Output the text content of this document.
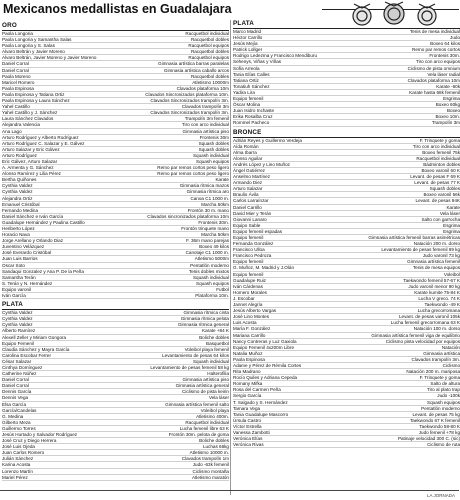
Mexicanos medallistas en Guadalajara
ORO
Paola Longoria	Racquetbol individual
Paola Longoria y Samantha Salas	Racquetbol dobles
Paola Longoria y S. Salas	Racquetbol equipos
Alvaro Beltrán y Javier Moreno	Racquetbol dobles
Alvaro Beltrán, Javier Moreno y Javier Moreno	Racquetbol equipos
Daniel Corral	Gimnasia artística barras paralelas
Daniel Corral	Gimnasia artística caballo arcos
Paola Moreno	Racquetbol dobles
Maricel Romero	Atletismo 10000m
Paola Espinosa	Clavados plataforma 10m
Paola Espinosa y Tatiana Ortiz	Clavados Sincronizados plataforma 10m.
Paola Espinosa y Laura Sánchez	Clavados Sincronizados trampolín 3m.
Yahel Castillo	Clavados trampolín 3m
Yahel Castillo y J. Sánchez	Clavados Sincronizados trampolín 3m.
Laura Sánchez Clavados	Trampolín 3m femenil
Alejandra Valencia	Tiro con arco individual
Ana Lago	Gimnasia artística piso
Arturo Rodríguez y Alberto Rodríguez	Frontenis 30m
Arturo Rodríguez C. Salazar y E. Gálvez	Squash dobles
Arturo Salazar y Eric Gálvez	Squash dobles
Arturo Rodríguez	Squash individual
Eric Gálvez, Arturo Salazar	Squash equipos
A. Armenta y G. Sánchez	Remo par remos cortos peso ligero
Alonso Ramírez y Lilia Pérez	Remo par remos cortos peso ligero
Bertha Quiñones	Karate
Cynthia Valdez	Gimnasia rítmica mazos
Cynthia Valdez	Gimnasia rítmica aro
Alejandra Ortiz	Canoa C1 1000 m.
Emanuel Cristóbal	Marcha 50km
Fernando Medina	Frontón 30 m. mano
Daniel Sánchez e Iván García	Clavados sincronizados plataforma 10m
Guadalupe Hernández y Paulina Castillo	Frontenis 30m.
Heriberto López	Frontón trinquete mano
Horacio Nava	Marcha 50km
Jorge Arellano y Orlando Diaz	F. 36m mano parejas
Juventino Velázquez	Boxeo 49 kilos
José Everardo Cristóbal	Canotaje C1 1000 m.
Juan Luis Barrios	Atletismo 5000m
Oscar Soto	Pentatlón moderno
Sandaqui Gonzalez y Ana P. De la Peña	Tenis dobles mixtos
Samantha Terán	Squash individual
S. Terán y N. Hernández	Squash equipos
Equipo varonil	Futbol
Iván García	Plataforma 10m.
PLATA
Cynthia Valdez	Gimnasia rítmica cinta
Cynthia Valdez	Gimnasia rítmica pelota
Cynthia Valdez	Gimnasia rítmica general
Alberto Ramírez	Karate +84 K
Alexell Zeller y Miriam Gongora	Boliche dobles
Equipo Femenil	Basquetbol
Claudia Sánchez y Mayra García	Voleibol playa femenil
Carolina Escobar Ferrer	Levantamiento de pesas 64 kilos
César Salazar	Squash individual
Cinthya Domínguez	Levantamiento de pesas femenil 58 kg
Catherine Núñez	Halterofilia
Daniel Corral	Gimnasia artística piso
Daniel Corral	Gimnasia artística general
Dennis García	Ciclismo de pista keirin
Dennis Vega	Vela láser
Elsa García	Gimnasia artística femenil salto
García/Candelas	Voleibol playa
G. Medina	Atletismo 400m.
Gilberto Meza	Racquetbol individual
Guillermo Torres	Lucha femenil libre 63 K
Jesús Hurtado y Salvador Rodríguez	Frontón 30m. pelota de goma
José Cruz y Diego Herrera	Boliche dobles
José Luis Ojeda	Luchas 66kg
Juan Carlos Romero	Atletismo 10000 m.
Julián Sánchez	Clavados trampolín 1m
Karina Acosta	Judo -63k femenil
Lorenzo Martín	Ciclismo montaña
Mariel Pérez	Atletismo maratón
PLATA
Marco Madrid	Tenis de mesa individual
Héctor Carrillo	Judo
Jesús Mejía	Boxeo 64 kilos
Patrick Lollger	Remo par remos cortos
Rodrigo Ledezma y Francisco Mendiburu	Frontenis 30m.
Sehenys, Viñas y Viñas	Tiro con arco equipos
Sofía Arreola	Ciclismo de pista omnium
Tania Elías Calles	Vela láser radial
Tatiana Ortiz	Clavados plataforma 10m
Tonatiuh Sánchez	Karate -60k
Yadira Lira	Karate hasta 68k femenil
Equipo femenil	Esgrima
Óscar Molina	Boxeo 60kg
Juan Isidro Inchaste	Boxeo
Erika Rosalba Cruz	Boxeo 10m.
Rommel Pacheco	Trampolín 3m
BRONCE
Adrián Reyes y Guillermo Verdeja	F. Trinquete y goma
Aída Román	Tiro con arco individual
Alma Ibarra	Boxeo femenil 75k
Alonso Aguilar	Racquetbol individual
Andrés López y Lino Muñoz	Bádminton dobles
Ángel Gutiérrez	Boxeo varonil 60 K
Anselmo Martínez	Levant. de pesas F 69 K
Armando Diez	Levant. de pesas 77 K
Arturo Salazar	Squash dobles
Braulio Ávila	Boxeo varonil 56k
Carlos Larraínzar	Levant. de pesas 94K
Daniel Carrillo	Karate
David Mier y Terán	Vela láser
Giovanni Lanaro	Salto con garrocha
Equipo Sable	Esgrima
Equipo femenil espadas	Esgrima
Equipo femenil	Gimnasia artística femenil barras asimétricas
Fernanda González	Natación 200 m. dorso
Francisco Ulloa	Levantamiento de pesas femenil 69 kg
Francisco Pedroza	Judo varonil 73 kg
Equipo femenil	Gimnasia artística femenil
G. Muñoz, M. Madrid y J.Olán	Tenis de mesa equipos
Equipo femenil	Voleibol
Guadalupe Ruiz	Taekwondo femenil 57-67 K
Iván Cárdenas	Judo varonil menor 90 kg
Homero Morales	Karate kumite 75-84 K
J. Escobar	Lucha V greco. 74 K
Jannet Alegría	Taekwondo -49 K
Jesús Alberto Vargas	Lucha grecorromana
José Lino Montes	Levant. de pesas varonil 105k
Luis Acosta	Lucha femenil grecorromana 63 K
María F. González	Natación 100 m. dorso
Mariana Carrillo	Gimnasia artística femenil viga de equilibrio
Nancy Contreras y Luz Gaxiola	Ciclismo pista velocidad por equipos
Equipo Femenil 4x200m Libre	Natación
Natalia Muñoz	Gimnasia artística
Paola Espinosa	Clavados trampolín 3m.
Adame y Pérez de Rémila Cortes	Ciclismo
Rita Madrano	Natación 200 m. mariposa
Rocío Quiles y Adriana Cepeda	F. Trinquete y goma
Romany Mifka	Salto de altura
Rosa del Carmen Peña	Tiro al plato trap
Sergio García	Judo -100k
T. Salgado y S. Hernández	Squash equipos
Tamara Vega	Pentatlón moderno
Tania Guadalupe Mascorro	Levant. de pesas 75 kg
Úrsula Castro	Taekwondo 67 K femenil
Víctor Estrella	Taekwondo 58-80 K
Vanessa Zambotti	Judo femenil +78 kg
Verónica Elías	Patinaje velocidad 300 C. (sic)
Verónica Rivas	Ciclismo de ruta
LA JORNADA
